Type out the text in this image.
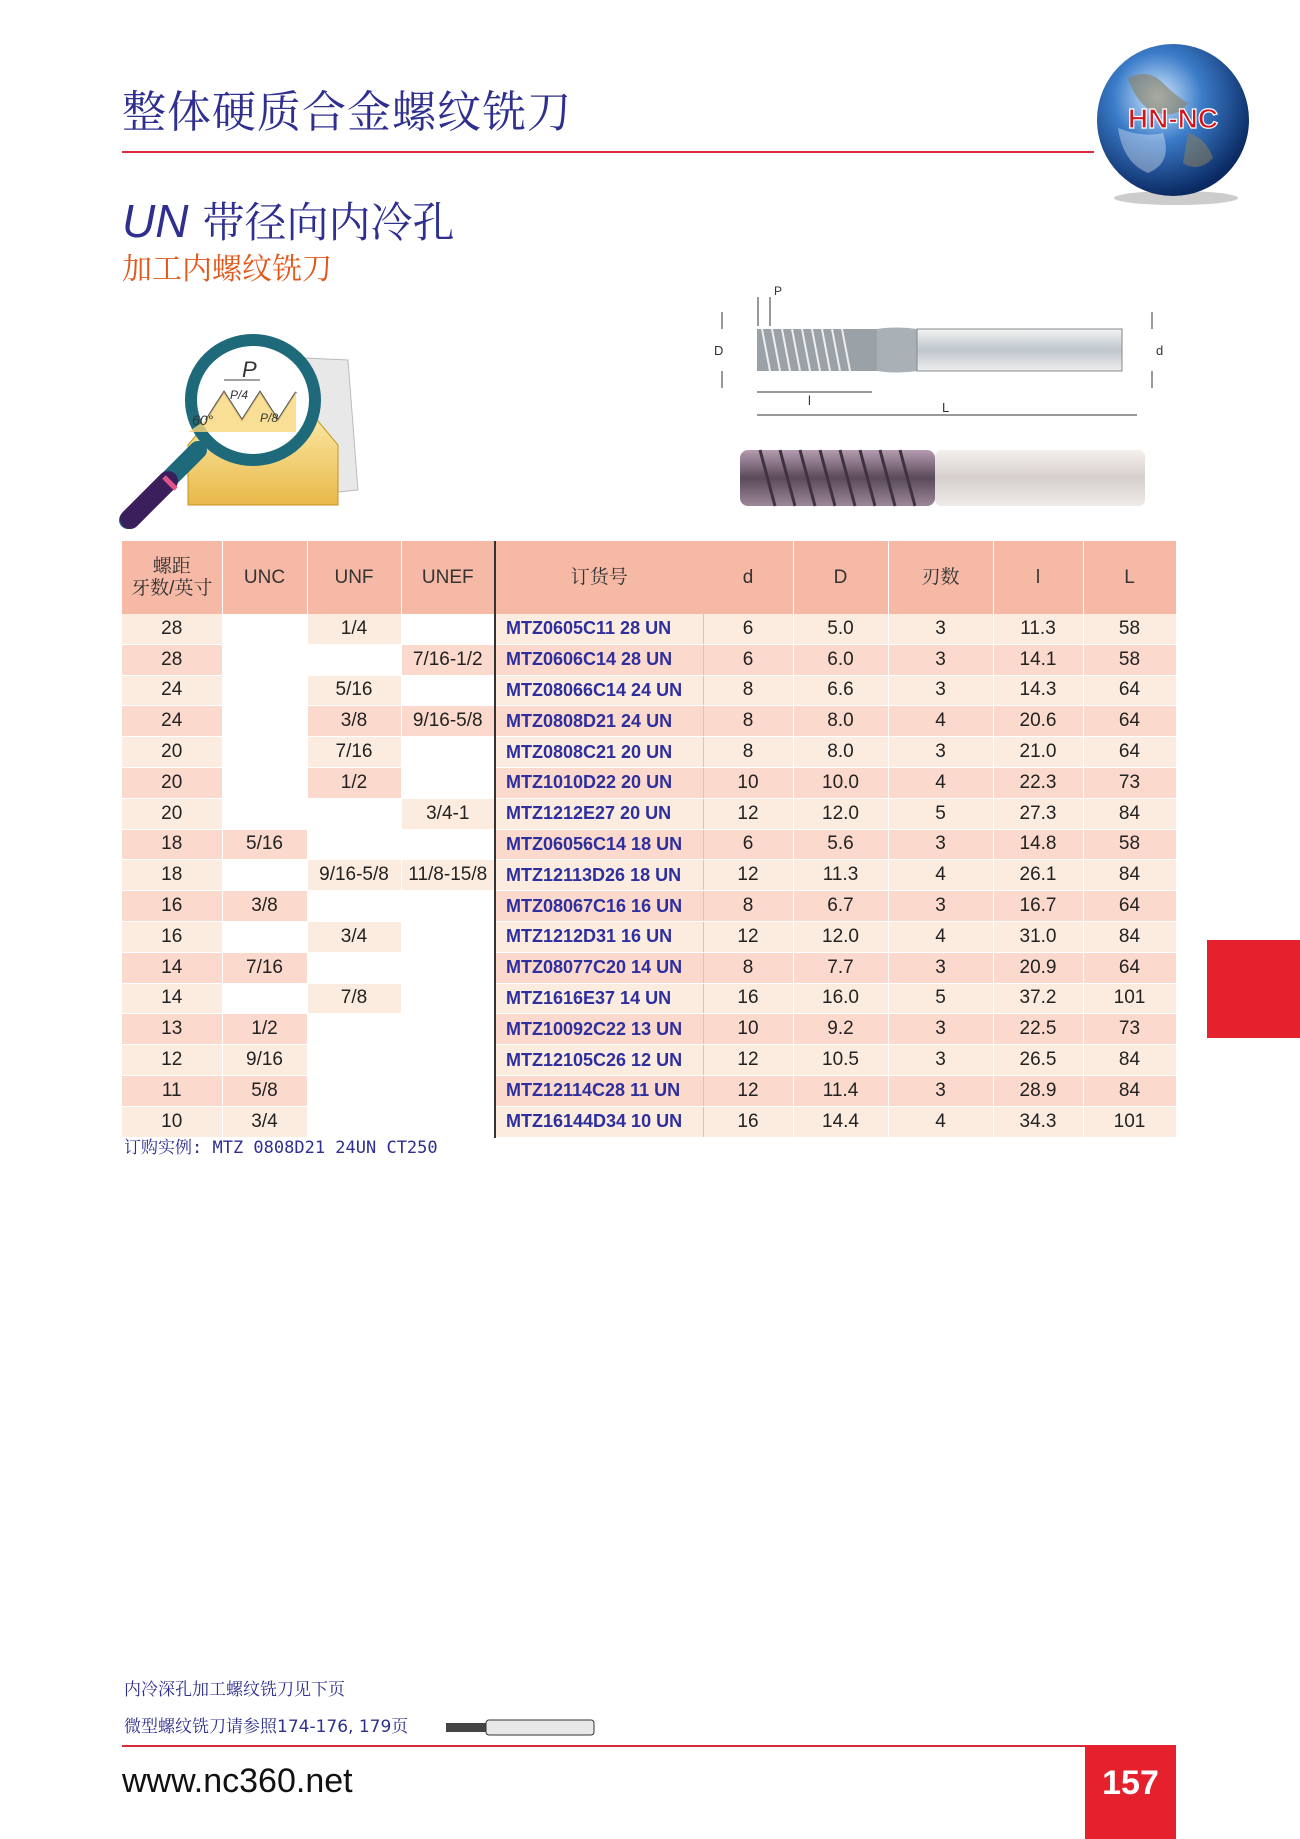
整体硬质合金螺纹铣刀	HN-NC
UN 带径向内冷孔
加工内螺纹铣刀
P
P/4
P/8
60°
D	d
P
l	L
螺距
牙数/英寸	UNC	UNF	UNEF	订货号	d	D	刃数	l	L
28		1/4		MTZ0605C11 28 UN	6	5.0	3	11.3	58
28			7/16-1/2	MTZ0606C14 28 UN	6	6.0	3	14.1	58
24		5/16		MTZ08066C14 24 UN	8	6.6	3	14.3	64
24		3/8	9/16-5/8	MTZ0808D21 24 UN	8	8.0	4	20.6	64
20		7/16		MTZ0808C21 20 UN	8	8.0	3	21.0	64
20		1/2		MTZ1010D22 20 UN	10	10.0	4	22.3	73
20			3/4-1	MTZ1212E27 20 UN	12	12.0	5	27.3	84
18	5/16			MTZ06056C14 18 UN	6	5.6	3	14.8	58
18		9/16-5/8	11/8-15/8	MTZ12113D26 18 UN	12	11.3	4	26.1	84
16	3/8			MTZ08067C16 16 UN	8	6.7	3	16.7	64
16		3/4		MTZ1212D31 16 UN	12	12.0	4	31.0	84
14	7/16			MTZ08077C20 14 UN	8	7.7	3	20.9	64
14		7/8		MTZ1616E37 14 UN	16	16.0	5	37.2	101
13	1/2			MTZ10092C22 13 UN	10	9.2	3	22.5	73
12	9/16			MTZ12105C26 12 UN	12	10.5	3	26.5	84
11	5/8			MTZ12114C28 11 UN	12	11.4	3	28.9	84
10	3/4			MTZ16144D34 10 UN	16	14.4	4	34.3	101
订购实例: MTZ 0808D21 24UN CT250
内冷深孔加工螺纹铣刀见下页
微型螺纹铣刀请参照174-176, 179页
www.nc360.net	157
